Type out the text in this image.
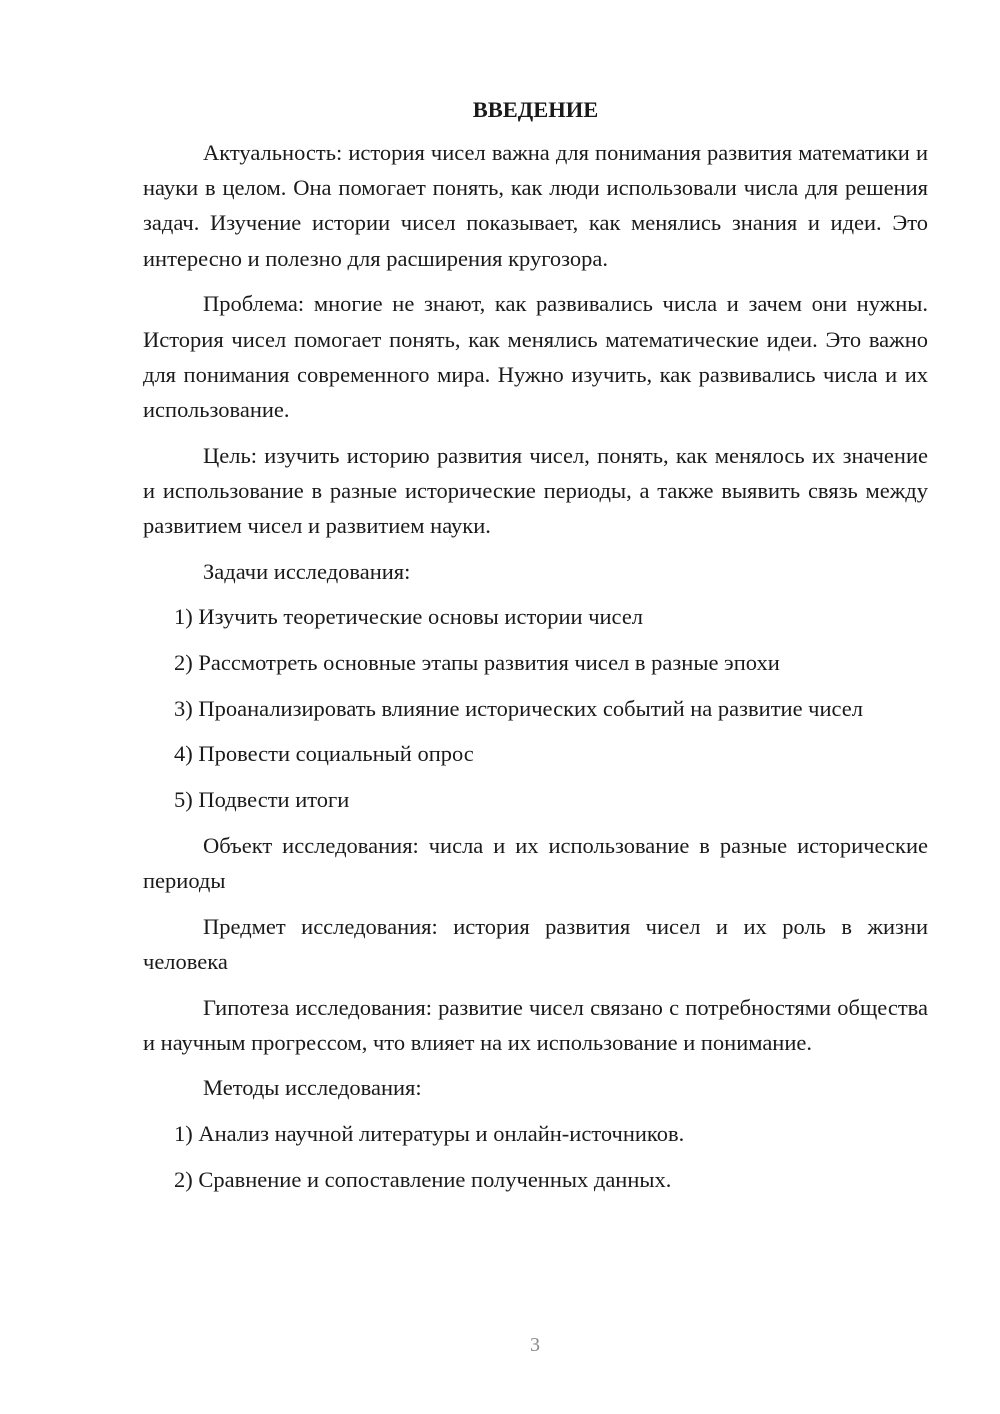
ВВЕДЕНИЕ

Актуальность: история чисел важна для понимания развития математики и науки в целом. Она помогает понять, как люди использовали числа для решения задач. Изучение истории чисел показывает, как менялись знания и идеи. Это интересно и полезно для расширения кругозора.

Проблема: многие не знают, как развивались числа и зачем они нужны. История чисел помогает понять, как менялись математические идеи. Это важно для понимания современного мира. Нужно изучить, как развивались числа и их использование.

Цель: изучить историю развития чисел, понять, как менялось их значение и использование в разные исторические периоды, а также выявить связь между развитием чисел и развитием науки.

Задачи исследования:

1) Изучить теоретические основы истории чисел

2) Рассмотреть основные этапы развития чисел в разные эпохи

3) Проанализировать влияние исторических событий на развитие чисел

4) Провести социальный опрос

5) Подвести итоги

Объект исследования: числа и их использование в разные исторические периоды

Предмет исследования: история развития чисел и их роль в жизни человека

Гипотеза исследования: развитие чисел связано с потребностями общества и научным прогрессом, что влияет на их использование и понимание.

Методы исследования:

1) Анализ научной литературы и онлайн-источников.

2) Сравнение и сопоставление полученных данных.

3
